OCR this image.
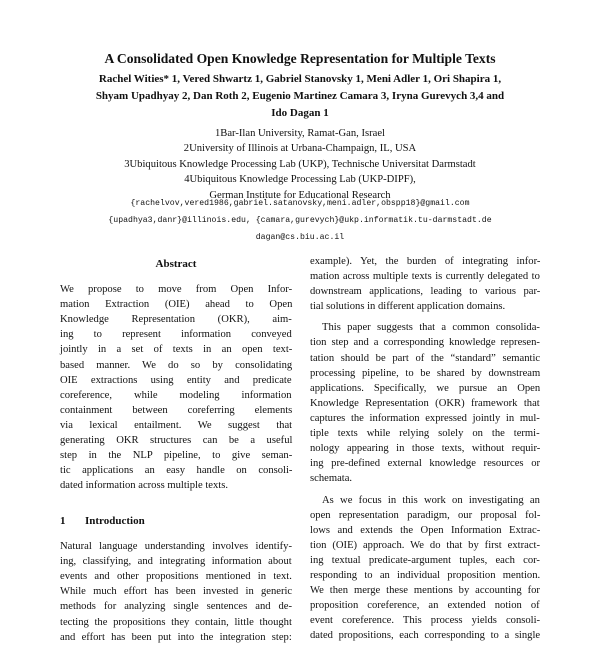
A Consolidated Open Knowledge Representation for Multiple Texts
Rachel Wities* 1, Vered Shwartz 1, Gabriel Stanovsky 1, Meni Adler 1, Ori Shapira 1,
Shyam Upadhyay 2, Dan Roth 2, Eugenio Martinez Camara 3, Iryna Gurevych 3,4 and
Ido Dagan 1
1Bar-Ilan University, Ramat-Gan, Israel
2University of Illinois at Urbana-Champaign, IL, USA
3Ubiquitous Knowledge Processing Lab (UKP), Technische Universitat Darmstadt
4Ubiquitous Knowledge Processing Lab (UKP-DIPF),
German Institute for Educational Research
{rachelvov,vered1986,gabriel.satanovsky,meni.adler,obspp18}@gmail.com
{upadhya3,danr}@illinois.edu, {camara,gurevych}@ukp.informatik.tu-darmstadt.de
dagan@cs.biu.ac.il
Abstract
We propose to move from Open Infor-
mation Extraction (OIE) ahead to Open
Knowledge Representation (OKR), aim-
ing to represent information conveyed
jointly in a set of texts in an open text-
based manner. We do so by consolidating
OIE extractions using entity and predicate
coreference, while modeling information
containment between coreferring elements
via lexical entailment. We suggest that
generating OKR structures can be a useful
step in the NLP pipeline, to give seman-
tic applications an easy handle on consoli-
dated information across multiple texts.
1 Introduction
Natural language understanding involves identify-
ing, classifying, and integrating information about
events and other propositions mentioned in text.
While much effort has been invested in generic
methods for analyzing single sentences and de-
tecting the propositions they contain, little thought
and effort has been put into the integration step:
example). Yet, the burden of integrating infor-
mation across multiple texts is currently delegated to
downstream applications, leading to various par-
tial solutions in different application domains.
This paper suggests that a common consolida-
tion step and a corresponding knowledge represen-
tation should be part of the “standard” semantic
processing pipeline, to be shared by downstream
applications. Specifically, we pursue an Open
Knowledge Representation (OKR) framework that
captures the information expressed jointly in mul-
tiple texts while relying solely on the termi-
nology appearing in those texts, without requir-
ing pre-defined external knowledge resources or
schemata.
As we focus in this work on investigating an
open representation paradigm, our proposal fol-
lows and extends the Open Information Extrac-
tion (OIE) approach. We do that by first extract-
ing textual predicate-argument tuples, each cor-
responding to an individual proposition mention.
We then merge these mentions by accounting for
proposition coreference, an extended notion of
event coreference. This process yields consoli-
dated propositions, each corresponding to a single
